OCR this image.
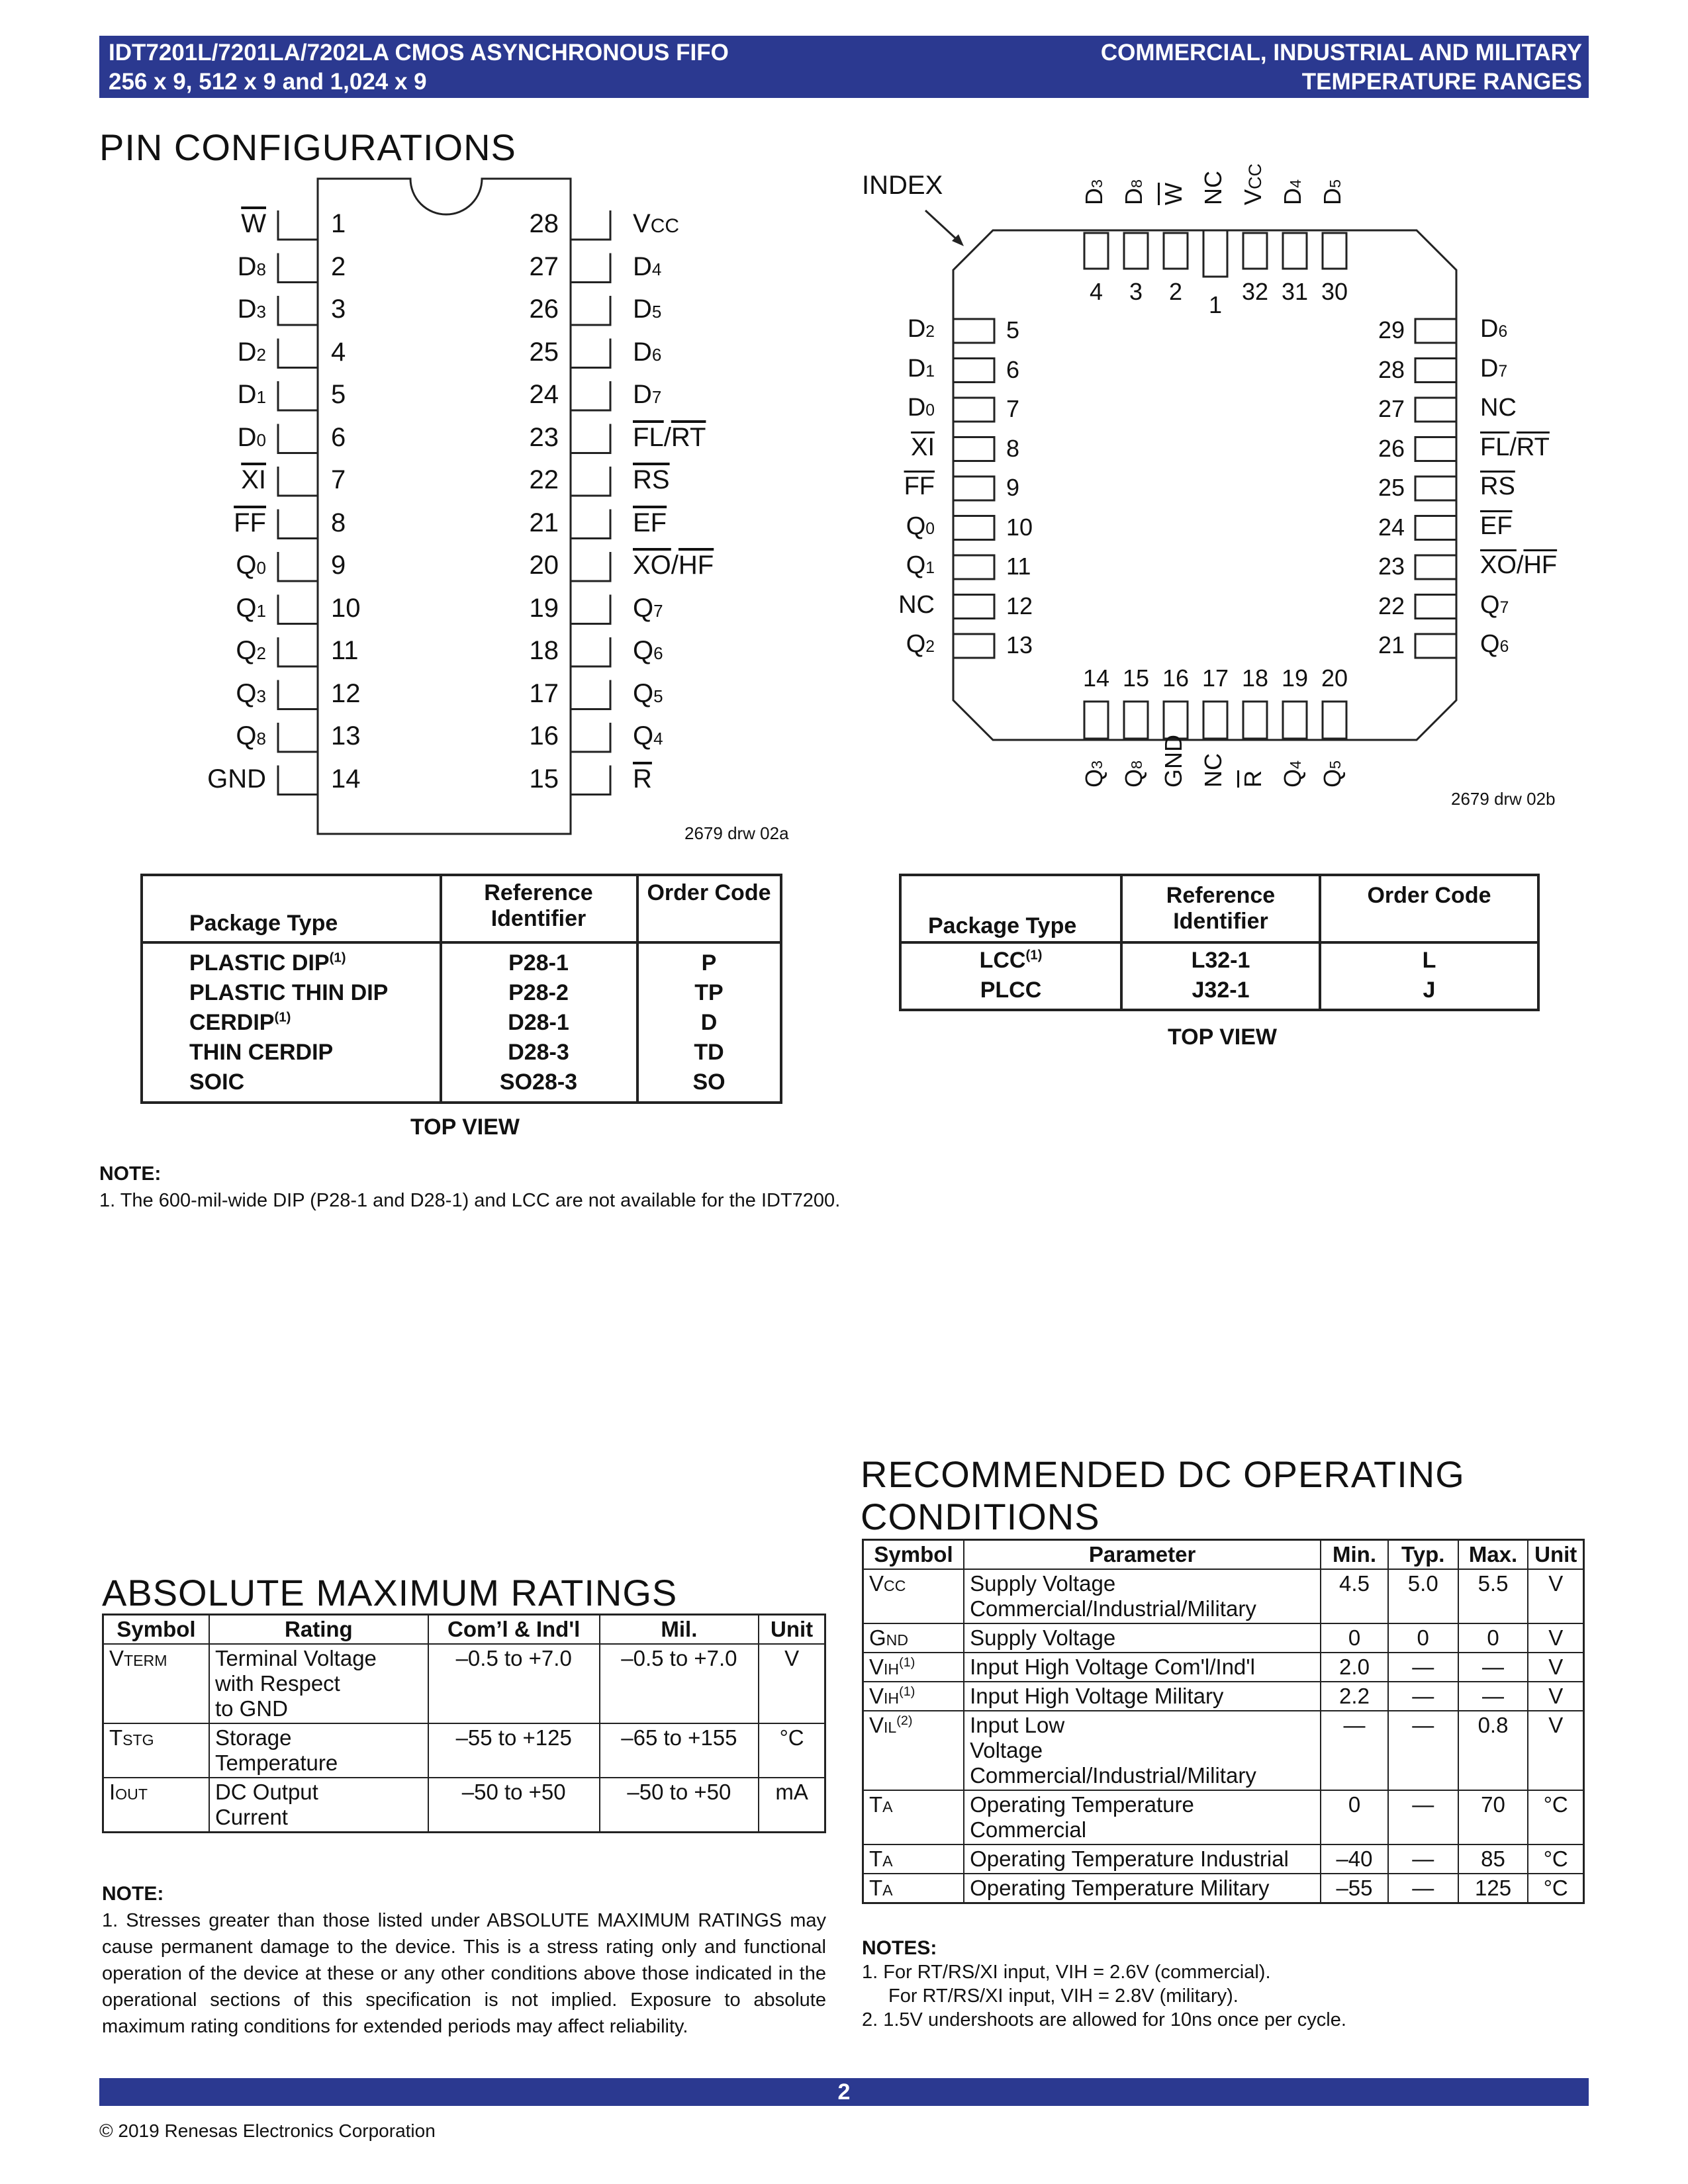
IDT7201L/7201LA/7202LA CMOS ASYNCHRONOUS FIFO
256 x 9, 512 x 9 and 1,024 x 9
COMMERCIAL, INDUSTRIAL AND MILITARY
TEMPERATURE RANGES
PIN CONFIGURATIONS
$\overline{W}$ 1	28	VCC
D8 2	27	D4
D3 3	26	D5
D2 4	25	D6
D1 5	24	D7
D0 6	23	$\overline{FL}/\overline{RT}$
$\overline{XI}$ 7	22	$\overline{RS}$
$\overline{FF}$ 8	21	$\overline{EF}$
Q0 9	20	$\overline{XO}/\overline{HF}$
Q1 10	19	Q7
Q2 11	18	Q6
Q3 12	17	Q5
Q8 13	16	Q4
GND 14	15	$\overline{R}$
2679 drw 02a
INDEX	D3
4
D8
3
$\overline{W}$
2
NC
1
VCC
32
D4
31
D5
30
D2	5	29	D6
D1	6	28	D7
D0	7	27	NC
$\overline{XI}$	8	26	$\overline{FL}/\overline{RT}$
$\overline{FF}$	9	25	$\overline{RS}$
Q0	10	24	$\overline{EF}$
Q1	11	23	$\overline{XO}/\overline{HF}$
NC	12	22	Q7
Q2	13	21	Q6
14
Q3
15
Q8
16
GND
17
NC
18
$\overline{R}$
19
Q4
20
Q5
2679 drw 02b
Package Type
Reference Identifier
Order Code
PLASTIC DIP$^{(1)}$	P28-1	P
PLASTIC THIN DIP	P28-2	TP
CERDIP$^{(1)}$	D28-1	D
THIN CERDIP	D28-3	TD
SOIC	SO28-3	SO
TOP VIEW
Package Type
Reference Identifier
Order Code
LCC$^{(1)}$	L32-1	L
PLCC	J32-1	J
TOP VIEW
NOTE:
1. The 600-mil-wide DIP (P28-1 and D28-1) and LCC are not available for the IDT7200.
RECOMMENDED DC OPERATING
CONDITIONS
Symbol	Parameter	Min.	Typ.	Max.	Unit
VCC	Supply Voltage
Commercial/Industrial/Military	4.5	5.0	5.5	V
GND	Supply Voltage	0	0	0	V
VIH$^{(1)}$	Input High Voltage Com'l/Ind'l	2.0	—	—	V
VIH$^{(1)}$	Input High Voltage Military	2.2	—	—	V
VIL$^{(2)}$	Input Low
Voltage Commercial/Industrial/Military	—	—	0.8	V
TA	Operating Temperature Commercial	0	—	70	°C
TA	Operating Temperature Industrial	–40	—	85	°C
TA	Operating Temperature Military	–55	—	125	°C
NOTES:
1. For RT/RS/XI input, VIH = 2.6V (commercial).
For RT/RS/XI input, VIH = 2.8V (military).
2. 1.5V undershoots are allowed for 10ns once per cycle.
ABSOLUTE MAXIMUM RATINGS
Symbol	Rating	Com’l & Ind'l	Mil.	Unit
VTERM	Terminal Voltage
with Respect
to GND	–0.5 to +7.0	–0.5 to +7.0	V
TSTG	Storage
Temperature	–55 to +125	–65 to +155	°C
IOUT	DC Output
Current	–50 to +50	–50 to +50	mA
NOTE:
1. Stresses greater than those listed under ABSOLUTE MAXIMUM RATINGS may cause permanent damage to the device. This is a stress rating only and functional operation of the device at these or any other conditions above those indicated in the operational sections of this specification is not implied. Exposure to absolute maximum rating conditions for extended periods may affect reliability.
2
© 2019 Renesas Electronics Corporation
